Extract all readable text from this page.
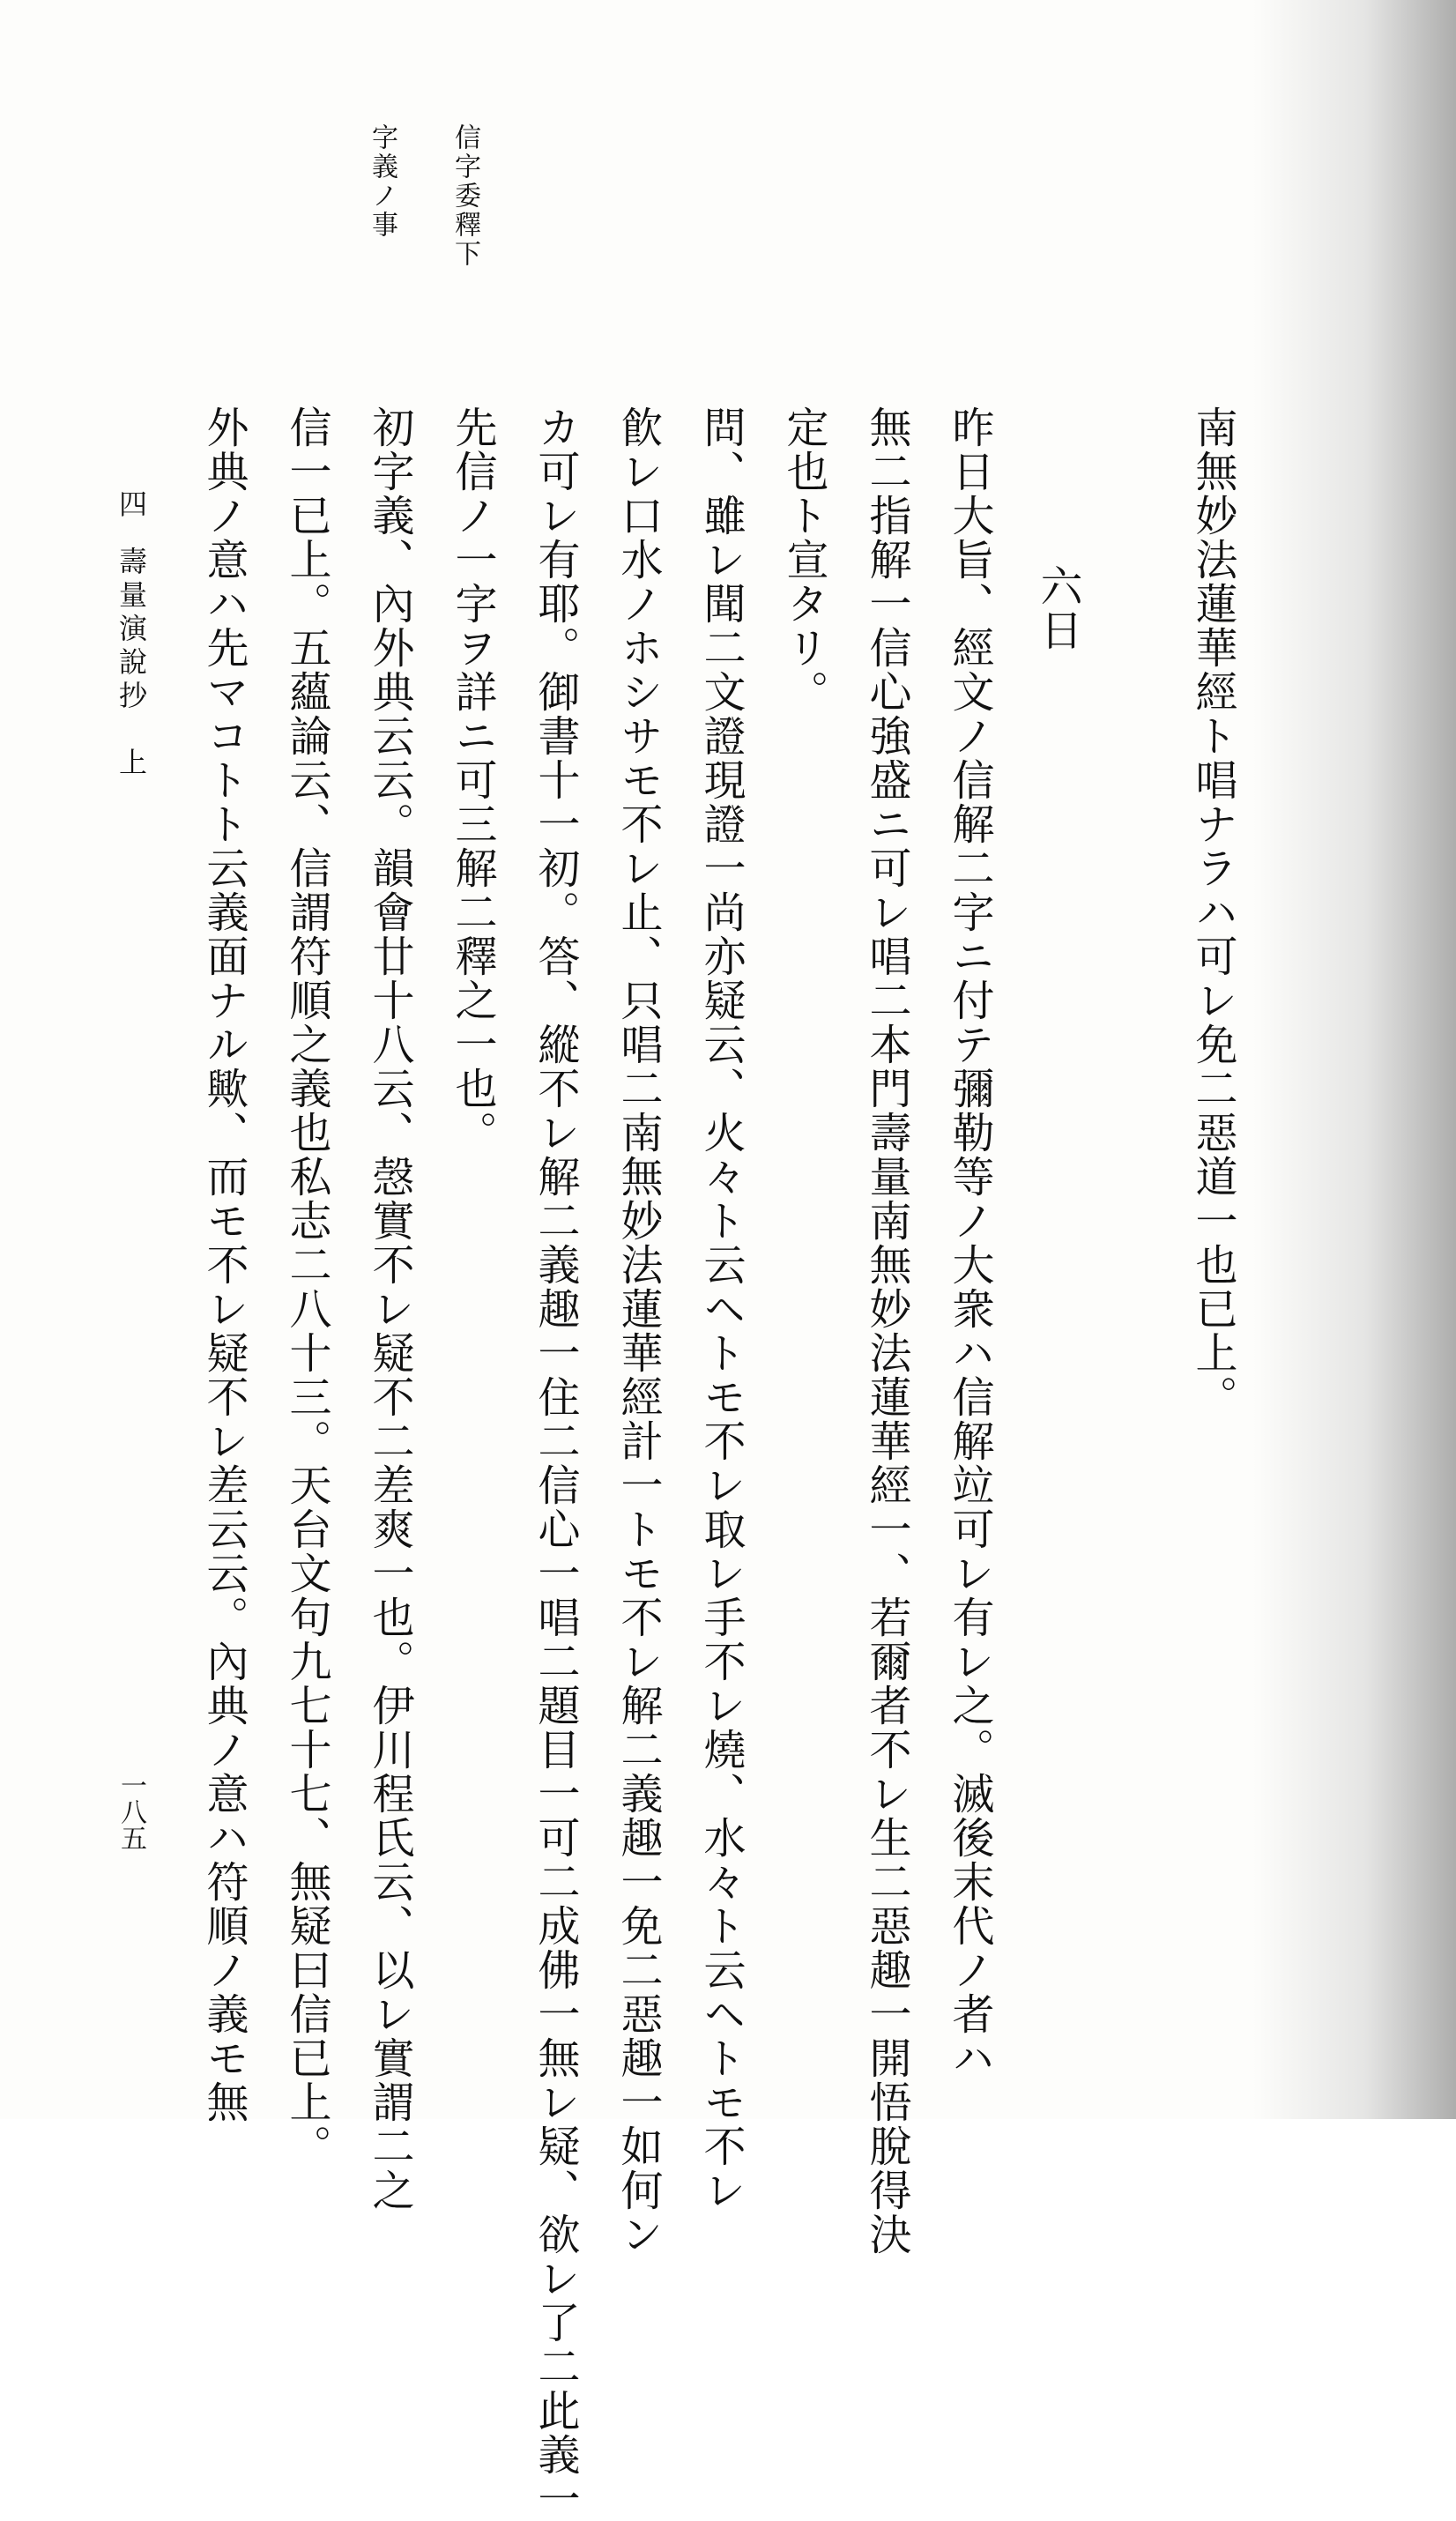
南無妙法蓮華經ト唱ナラハ可レ免二惡道一也已上。
六日
昨日大旨、經文ノ信解二字ニ付テ彌勒等ノ大衆ハ信解竝可レ有レ之。滅後末代ノ者ハ
無二指解一信心強盛ニ可レ唱二本門壽量南無妙法蓮華經一、若爾者不レ生二惡趣一開悟脫得決
定也ト宣タリ。
問、雖レ聞二文證現證一尚亦疑云、火々ト云ヘトモ不レ取レ手不レ燒、水々ト云ヘトモ不レ
飮レ口水ノホシサモ不レ止、只唱二南無妙法蓮華經計一トモ不レ解二義趣一免二惡趣一如何ン
カ可レ有耶。御書十一初。答、縱不レ解二義趣一住二信心一唱二題目一可二成佛一無レ疑、欲レ了二此義一
先信ノ一字ヲ詳ニ可三解二釋之一也。
初字義、內外典云云。韻會廿十八云、愨實不レ疑不二差爽一也。伊川程氏云、以レ實謂二之
信一已上。五蘊論云、信謂符順之義也私志二八十三。天台文句九七十七、無疑曰信已上。
外典ノ意ハ先マコトト云義面ナル歟、而モ不レ疑不レ差云云。內典ノ意ハ符順ノ義モ無
信字委釋下
字義ノ事
四
壽量演說抄　上
一八五
